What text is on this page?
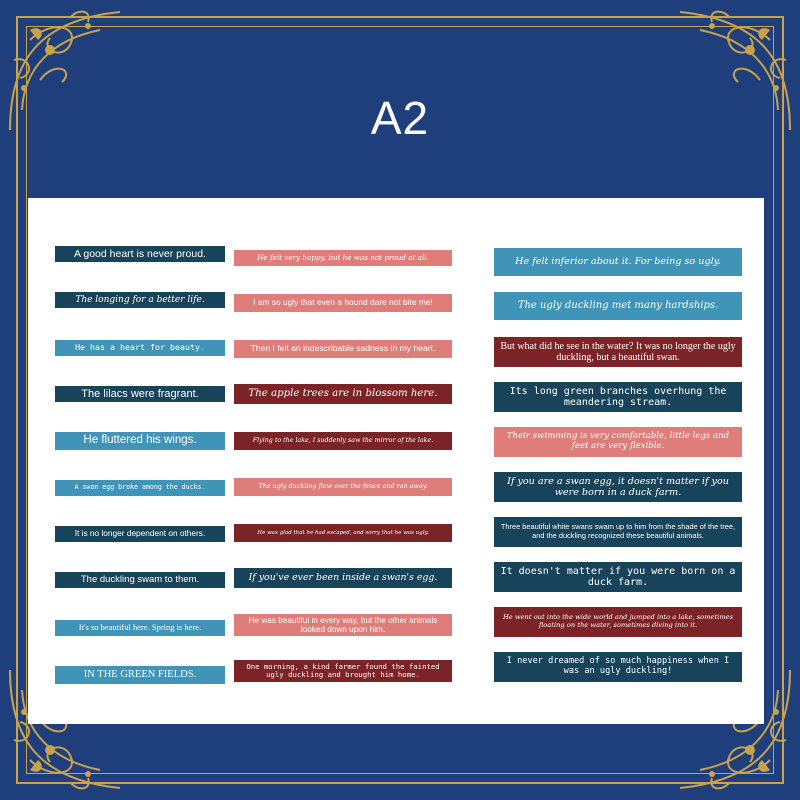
A2
A good heart is never proud.
The longing for a better life.
He has a heart for beauty.
The lilacs were fragrant.
He fluttered his wings.
A swan egg broke among the ducks.
It is no longer dependent on others.
The duckling swam to them.
It's so beautiful here. Spring is here.
IN THE GREEN FIELDS.
He felt very happy, but he was not proud at all.
I am so ugly that even a hound dare not bite me!
Then I felt an indescribable sadness in my heart.
The apple trees are in blossom here.
Flying to the lake, I suddenly saw the mirror of the lake.
The ugly duckling flew over the fence and ran away.
He was glad that he had escaped, and sorry that he was ugly.
If you've ever been inside a swan's egg.
He was beautiful in every way, but the other animals looked down upon him.
One morning, a kind farmer found the fainted ugly duckling and brought him home.
He felt inferior about it. For being so ugly.
The ugly duckling met many hardships.
But what did he see in the water? It was no longer the ugly duckling, but a beautiful swan.
Its long green branches overhung the meandering stream.
Their swimming is very comfortable, little legs and feet are very flexible.
If you are a swan egg, it doesn't matter if you were born in a duck farm.
Three beautiful white swans swam up to him from the shade of the tree, and the duckling recognized these beautiful animals.
It doesn't matter if you were born on a duck farm.
He went out into the wide world and jumped into a lake, sometimes floating on the water, sometimes diving into it.
I never dreamed of so much happiness when I was an ugly duckling!
